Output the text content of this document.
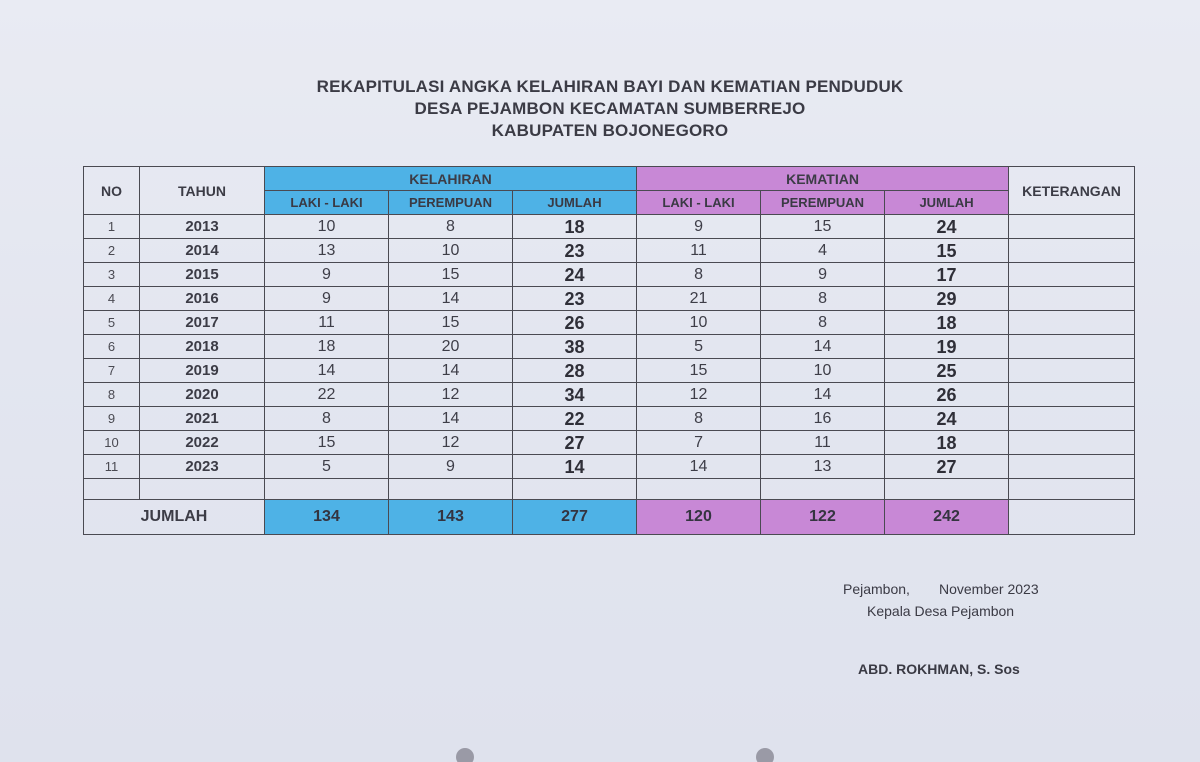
REKAPITULASI ANGKA KELAHIRAN BAYI DAN KEMATIAN PENDUDUK
DESA PEJAMBON KECAMATAN SUMBERREJO
KABUPATEN BOJONEGORO
NO	TAHUN	KELAHIRAN			KEMATIAN			KETERANGAN
		LAKI - LAKI	PEREMPUAN	JUMLAH	LAKI - LAKI	PEREMPUAN	JUMLAH	
1	2013	10	8	18	9	15	24	
2	2014	13	10	23	11	4	15	
3	2015	9	15	24	8	9	17	
4	2016	9	14	23	21	8	29	
5	2017	11	15	26	10	8	18	
6	2018	18	20	38	5	14	19	
7	2019	14	14	28	15	10	25	
8	2020	22	12	34	12	14	26	
9	2021	8	14	22	8	16	24	
10	2022	15	12	27	7	11	18	
11	2023	5	9	14	14	13	27	

JUMLAH		134	143	277	120	122	242	
Pejambon, November 2023
Kepala Desa Pejambon
ABD. ROKHMAN, S. Sos
